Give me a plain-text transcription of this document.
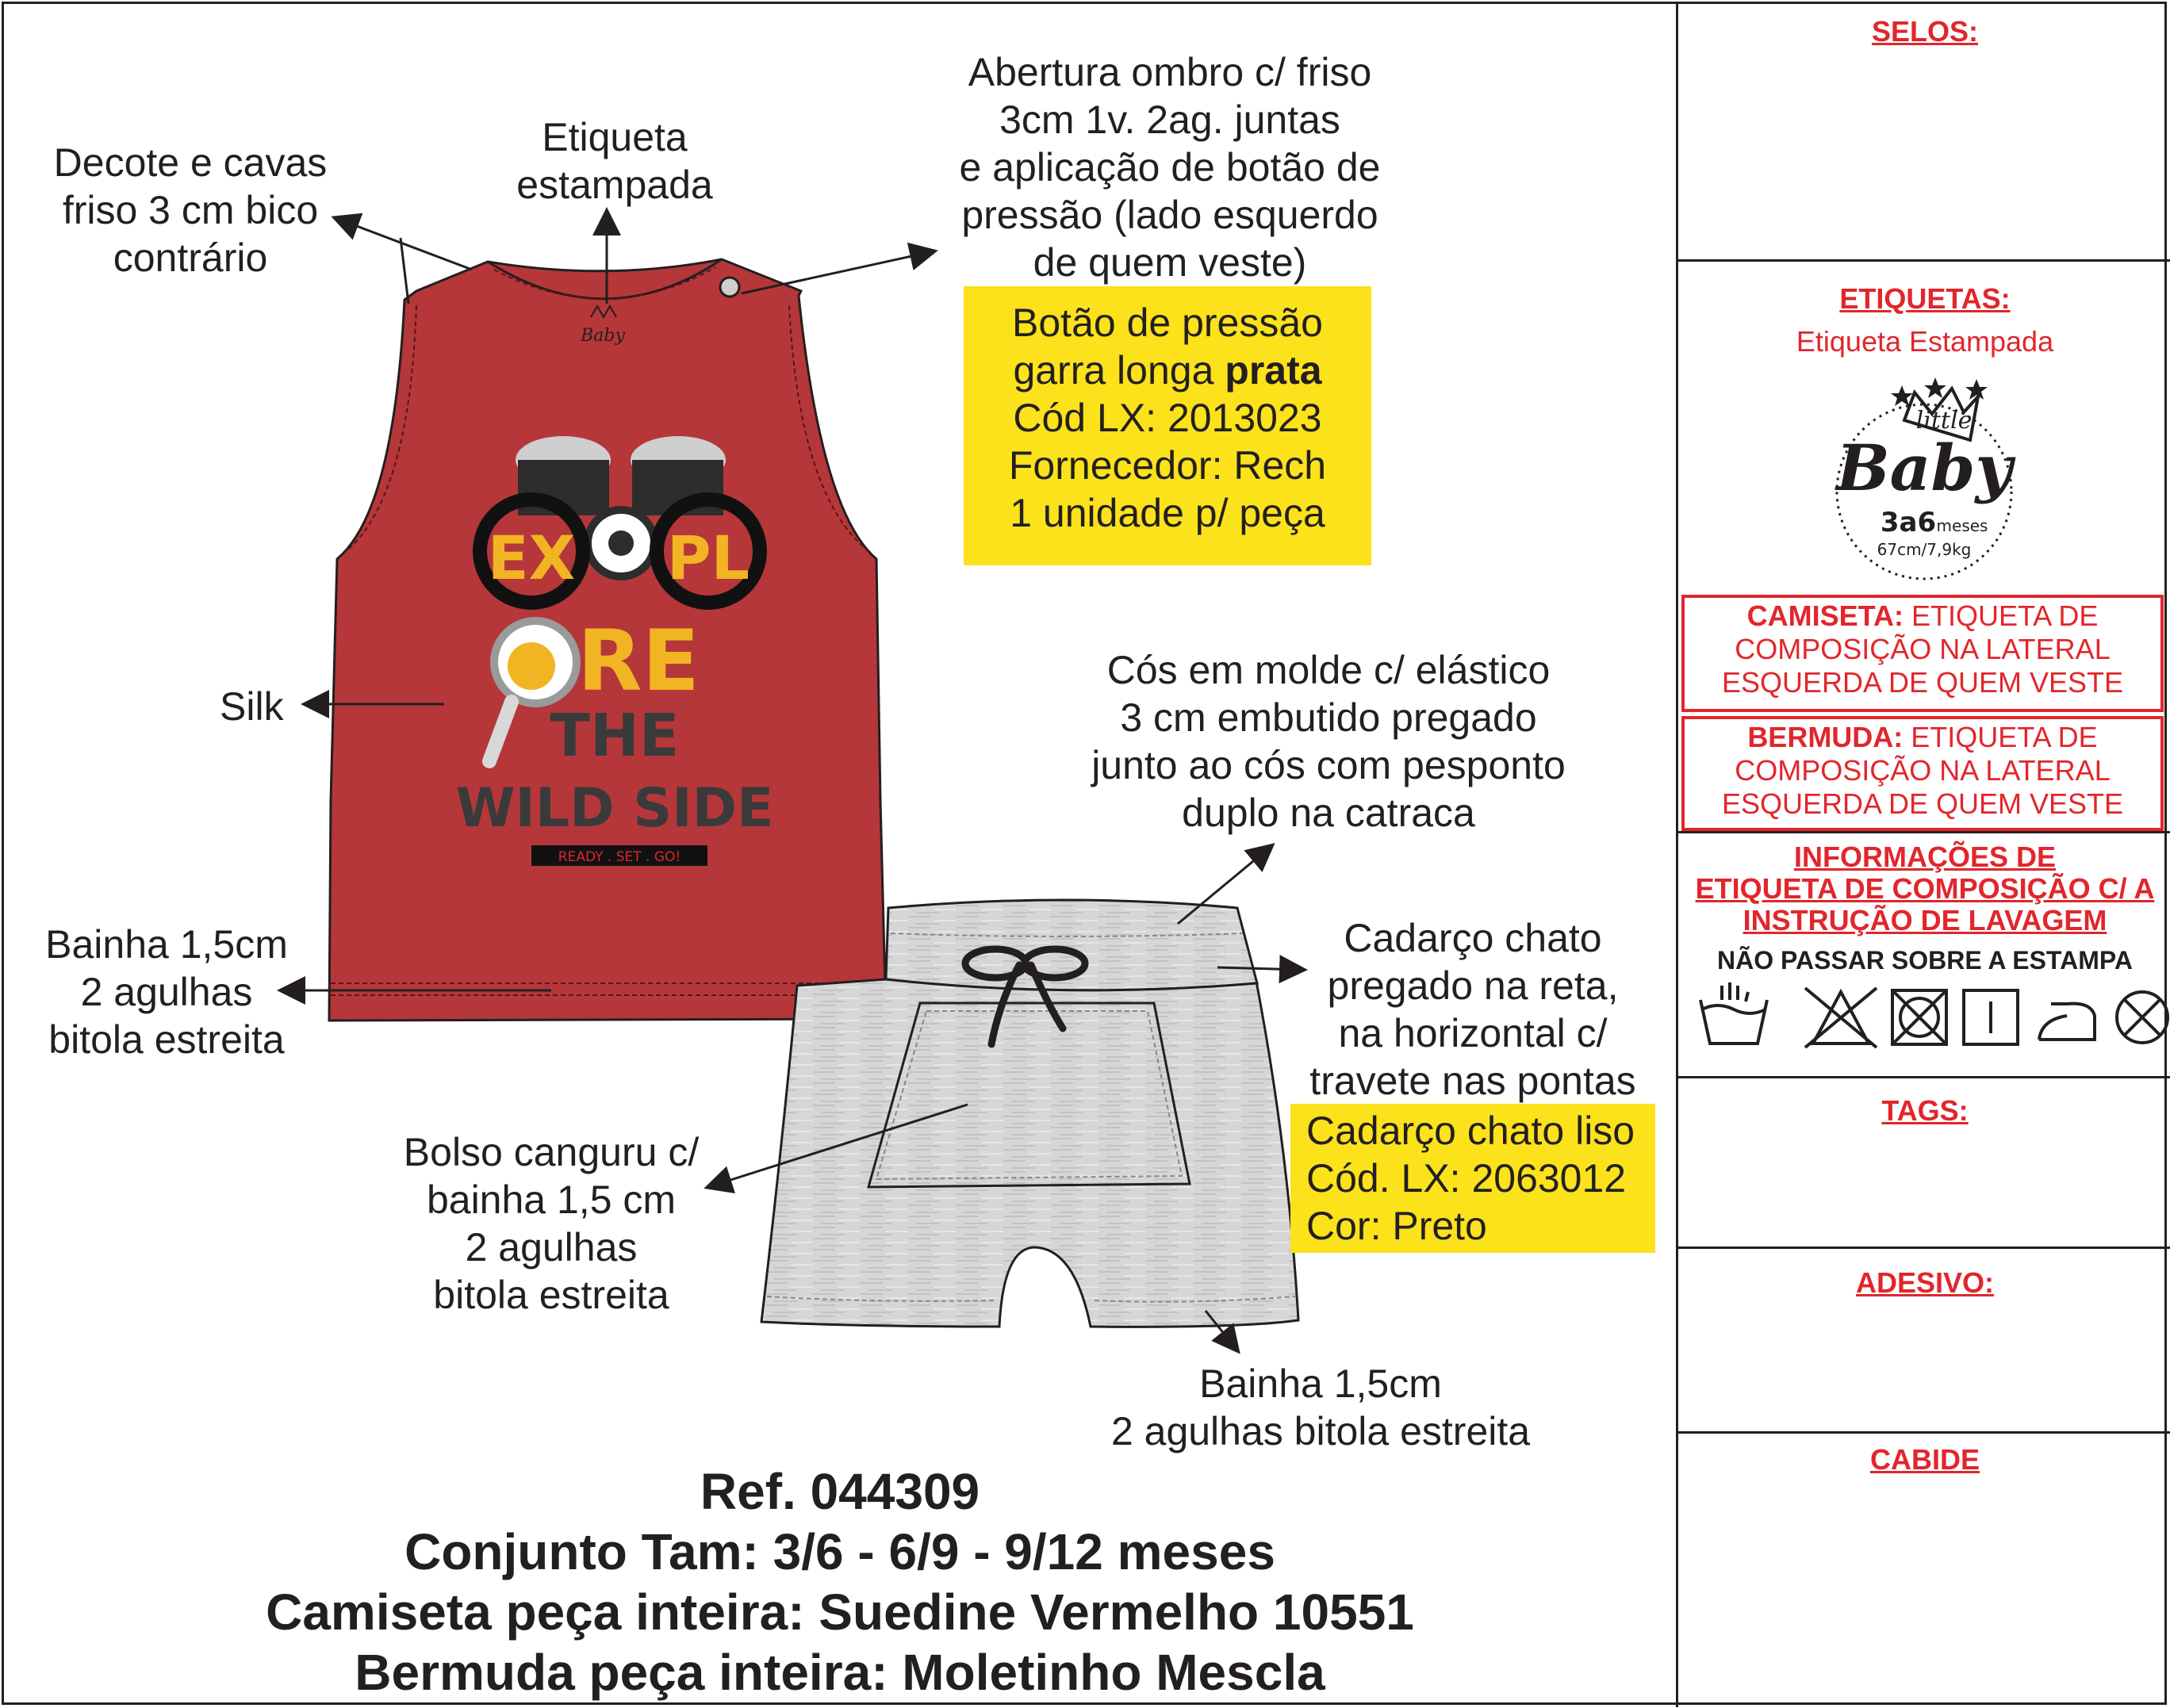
Baby
EX PL
RE
THE
WILD SIDE
READY . SET . GO!
Decote e cavas
friso 3 cm bico
contrário
Etiqueta
estampada
Abertura ombro c/ friso
3cm 1v. 2ag. juntas
e aplicação de botão de
pressão (lado esquerdo
de quem veste)
Botão de pressão
garra longa prata
Cód LX: 2013023
Fornecedor: Rech
1 unidade p/ peça
Silk
Bainha 1,5cm
2 agulhas
bitola estreita
Cós em molde c/ elástico
3 cm embutido pregado
junto ao cós com pesponto
duplo na catraca
Cadarço chato
pregado na reta,
na horizontal c/
travete nas pontas
Cadarço chato liso
Cód. LX: 2063012
Cor: Preto
Bolso canguru c/
bainha 1,5 cm
2 agulhas
bitola estreita
Bainha 1,5cm
2 agulhas bitola estreita
Ref. 044309
Conjunto Tam: 3/6 - 6/9 - 9/12 meses
Camiseta peça inteira: Suedine Vermelho 10551
Bermuda peça inteira: Moletinho Mescla
SELOS:
ETIQUETAS:
Etiqueta Estampada
little
Baby
3a6 meses
67cm/7,9kg
CAMISETA: ETIQUETA DE
COMPOSIÇÃO NA LATERAL
ESQUERDA DE QUEM VESTE
BERMUDA: ETIQUETA DE
COMPOSIÇÃO NA LATERAL
ESQUERDA DE QUEM VESTE
INFORMAÇÕES DE
ETIQUETA DE COMPOSIÇÃO C/ A
INSTRUÇÃO DE LAVAGEM
NÃO PASSAR SOBRE A ESTAMPA
TAGS:
ADESIVO:
CABIDE
